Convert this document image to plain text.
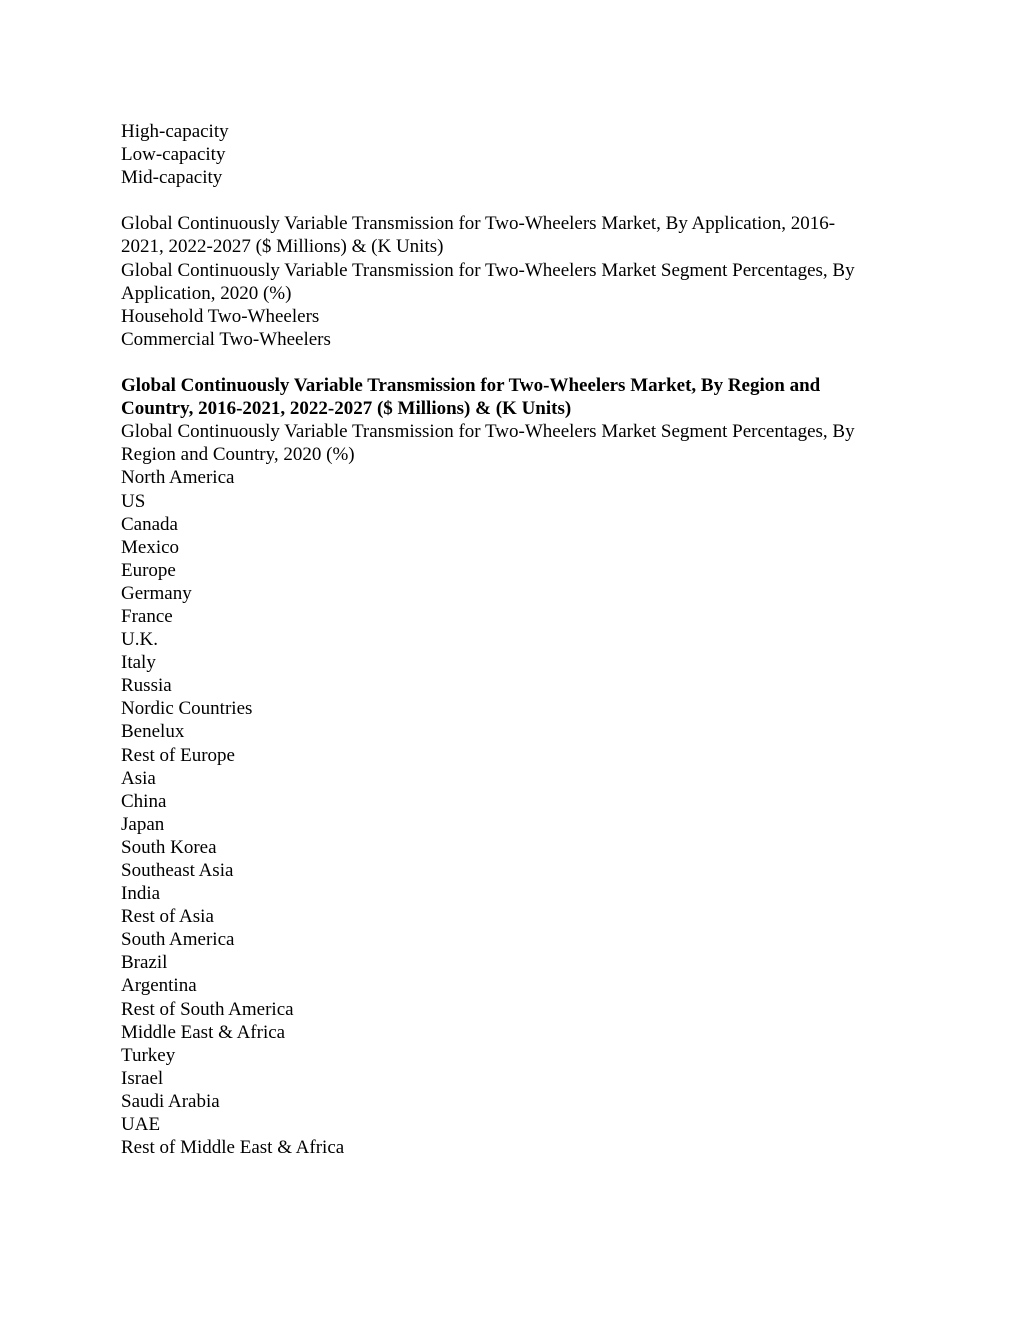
High-capacity
Low-capacity
Mid-capacity
Global Continuously Variable Transmission for Two-Wheelers Market, By Application, 2016-
2021, 2022-2027 ($ Millions) & (K Units)
Global Continuously Variable Transmission for Two-Wheelers Market Segment Percentages, By
Application, 2020 (%)
Household Two-Wheelers
Commercial Two-Wheelers
Global Continuously Variable Transmission for Two-Wheelers Market, By Region and
Country, 2016-2021, 2022-2027 ($ Millions) & (K Units)
Global Continuously Variable Transmission for Two-Wheelers Market Segment Percentages, By
Region and Country, 2020 (%)
North America
US
Canada
Mexico
Europe
Germany
France
U.K.
Italy
Russia
Nordic Countries
Benelux
Rest of Europe
Asia
China
Japan
South Korea
Southeast Asia
India
Rest of Asia
South America
Brazil
Argentina
Rest of South America
Middle East & Africa
Turkey
Israel
Saudi Arabia
UAE
Rest of Middle East & Africa
